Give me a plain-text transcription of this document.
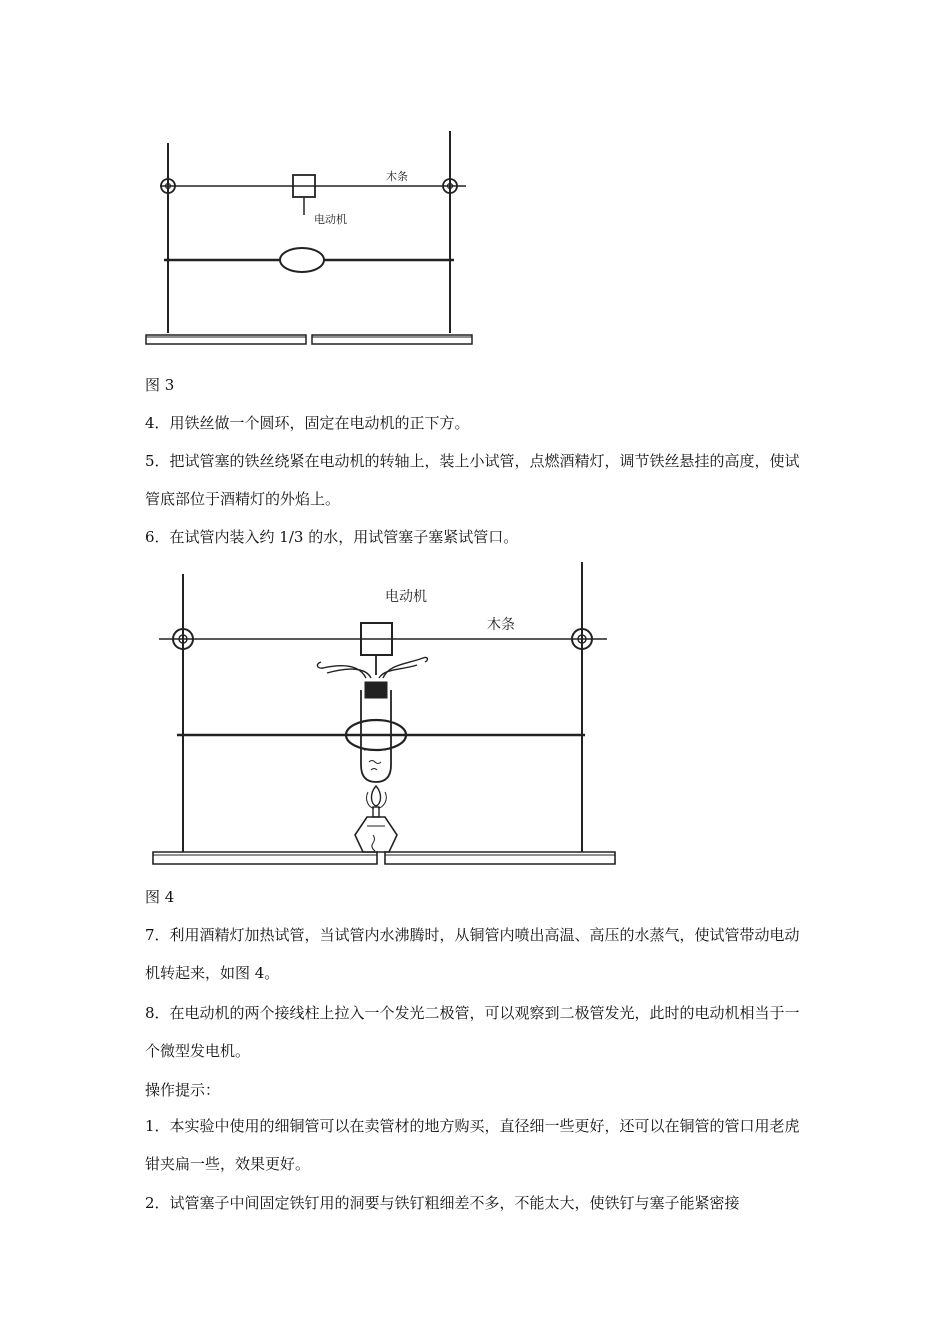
木条
电动机

图 3

4．用铁丝做一个圆环，固定在电动机的正下方。

5．把试管塞的铁丝绕紧在电动机的转轴上，装上小试管，点燃酒精灯，调节铁丝悬挂的高度，使试管底部位于酒精灯的外焰上。

6．在试管内装入约 1/3 的水，用试管塞子塞紧试管口。

电动机
木条

图 4

7．利用酒精灯加热试管，当试管内水沸腾时，从铜管内喷出高温、高压的水蒸气，使试管带动电动机转起来，如图 4。

8．在电动机的两个接线柱上拉入一个发光二极管，可以观察到二极管发光，此时的电动机相当于一个微型发电机。

操作提示：

1．本实验中使用的细铜管可以在卖管材的地方购买，直径细一些更好，还可以在铜管的管口用老虎钳夹扁一些，效果更好。

2．试管塞子中间固定铁钉用的洞要与铁钉粗细差不多，不能太大，使铁钉与塞子能紧密接
